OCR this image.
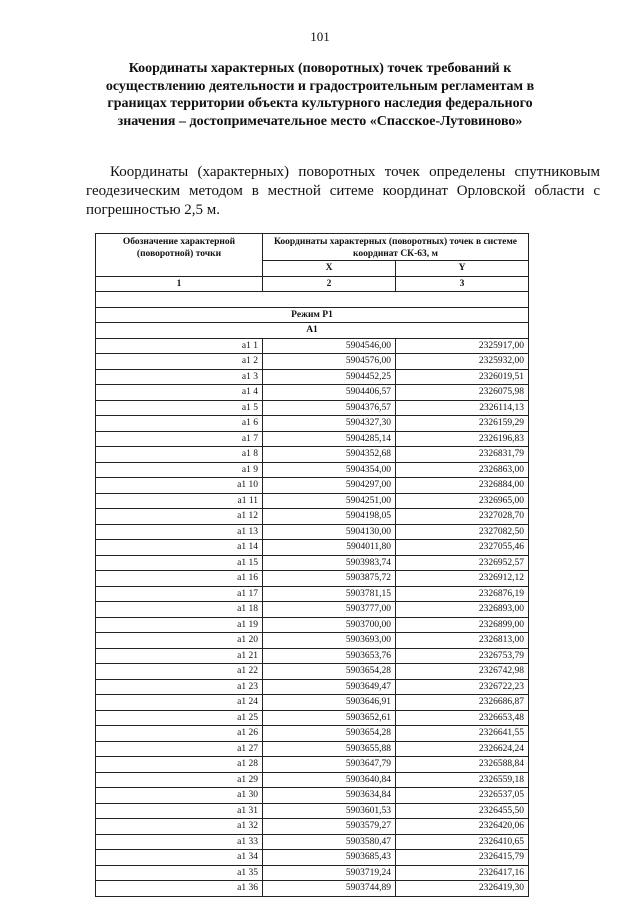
101
Координаты характерных (поворотных) точек требований к осуществлению деятельности и градостроительным регламентам в границах территории объекта культурного наследия федерального значения – достопримечательное место «Спасское-Лутовиново»
Координаты (характерных) поворотных точек определены спутниковым геодезическим методом в местной ситеме координат Орловской области с погрешностью 2,5 м.
Обозначение характерной (поворотной) точки	Координаты характерных (поворотных) точек в системе координат СК-63, м	
	X	Y
1	2	3

Режим Р1		
А1		
а1 1	5904546,00	2325917,00
а1 2	5904576,00	2325932,00
а1 3	5904452,25	2326019,51
а1 4	5904406,57	2326075,98
а1 5	5904376,57	2326114,13
а1 6	5904327,30	2326159,29
а1 7	5904285,14	2326196,83
а1 8	5904352,68	2326831,79
а1 9	5904354,00	2326863,00
а1 10	5904297,00	2326884,00
а1 11	5904251,00	2326965,00
а1 12	5904198,05	2327028,70
а1 13	5904130,00	2327082,50
а1 14	5904011,80	2327055,46
а1 15	5903983,74	2326952,57
а1 16	5903875,72	2326912,12
а1 17	5903781,15	2326876,19
а1 18	5903777,00	2326893,00
а1 19	5903700,00	2326899,00
а1 20	5903693,00	2326813,00
а1 21	5903653,76	2326753,79
а1 22	5903654,28	2326742,98
а1 23	5903649,47	2326722,23
а1 24	5903646,91	2326686,87
а1 25	5903652,61	2326653,48
а1 26	5903654,28	2326641,55
а1 27	5903655,88	2326624,24
а1 28	5903647,79	2326588,84
а1 29	5903640,84	2326559,18
а1 30	5903634,84	2326537,05
а1 31	5903601,53	2326455,50
а1 32	5903579,27	2326420,06
а1 33	5903580,47	2326410,65
а1 34	5903685,43	2326415,79
а1 35	5903719,24	2326417,16
а1 36	5903744,89	2326419,30
